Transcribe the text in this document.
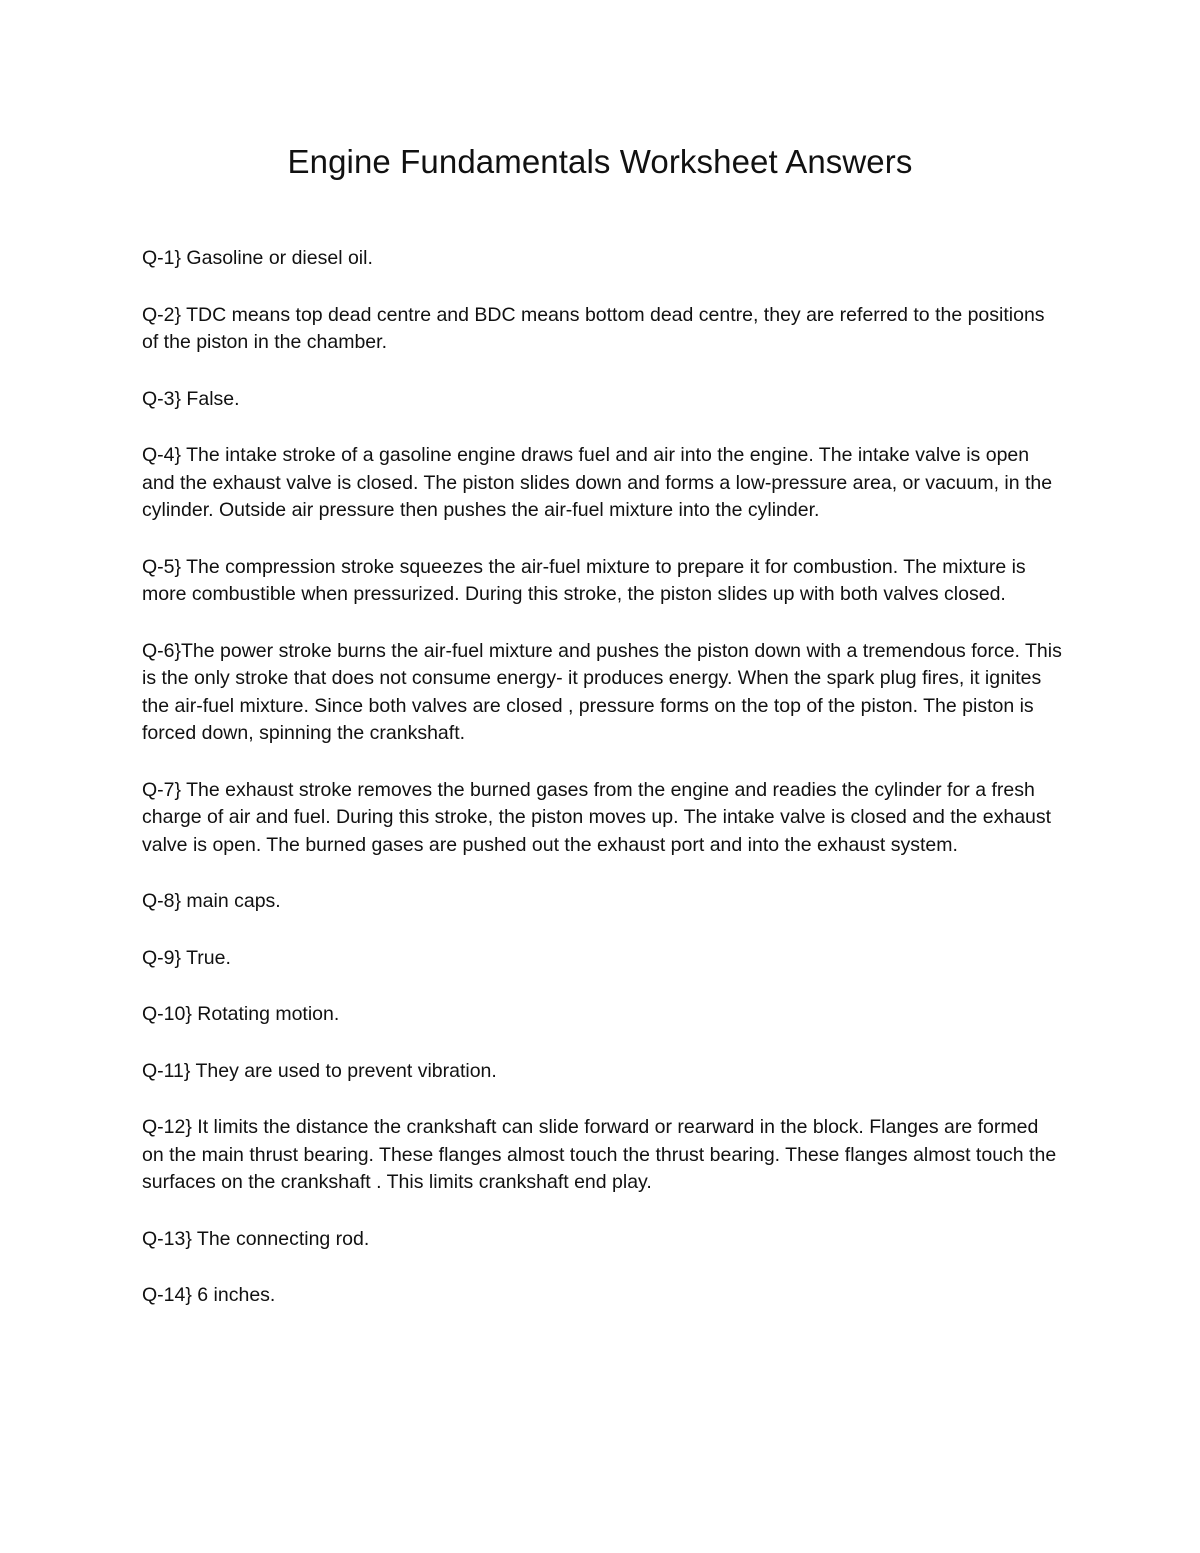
Engine Fundamentals Worksheet Answers
Q-1} Gasoline or diesel oil.
Q-2} TDC means top dead centre and BDC means bottom dead centre, they are referred to the positions of the piston in the chamber.
Q-3} False.
Q-4} The intake stroke of a gasoline engine draws fuel and air into the engine. The intake valve is open and the exhaust valve is closed. The piston slides down and forms a low-pressure area, or vacuum, in the cylinder. Outside air pressure then pushes the air-fuel mixture into the cylinder.
Q-5} The compression stroke squeezes the air-fuel mixture to prepare it for combustion. The mixture is more combustible when pressurized. During this stroke, the piston slides up with both valves closed.
Q-6}The power stroke burns the air-fuel mixture and pushes the piston down with a tremendous force. This is the only stroke that does not consume energy- it produces energy. When the spark plug fires, it ignites the air-fuel mixture. Since both valves are closed , pressure forms on the top of the piston. The piston is forced down, spinning the crankshaft.
Q-7} The exhaust stroke removes the burned gases from the engine and readies the cylinder for a fresh charge of air and fuel. During this stroke, the piston moves up. The intake valve is closed and the exhaust valve is open. The burned gases are pushed out the exhaust port and into the exhaust system.
Q-8} main caps.
Q-9} True.
Q-10} Rotating motion.
Q-11} They are used to prevent vibration.
Q-12} It limits the distance the crankshaft can slide forward or rearward in the block. Flanges are formed on the main thrust bearing. These flanges almost touch the thrust bearing. These flanges almost touch the surfaces on the crankshaft . This limits crankshaft end play.
Q-13} The connecting rod.
Q-14} 6 inches.
